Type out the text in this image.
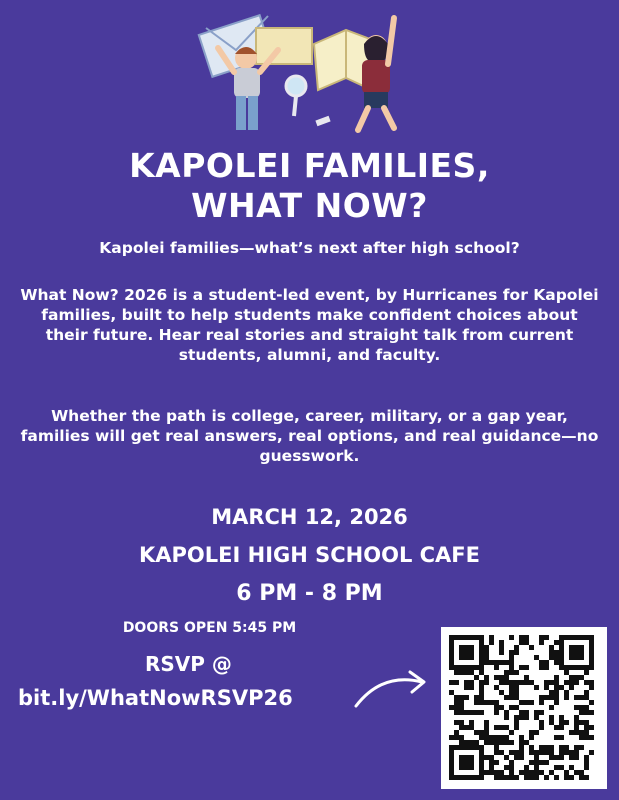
KAPOLEI FAMILIES,
WHAT NOW?
Kapolei families—what’s next after high school?
What Now? 2026 is a student-led event, by Hurricanes for Kapolei families, built to help students make confident choices about their future. Hear real stories and straight talk from current students, alumni, and faculty.
Whether the path is college, career, military, or a gap year, families will get real answers, real options, and real guidance—no guesswork.
MARCH 12, 2026
KAPOLEI HIGH SCHOOL CAFE
6 PM - 8 PM
DOORS OPEN 5:45 PM
RSVP @
bit.ly/WhatNowRSVP26
